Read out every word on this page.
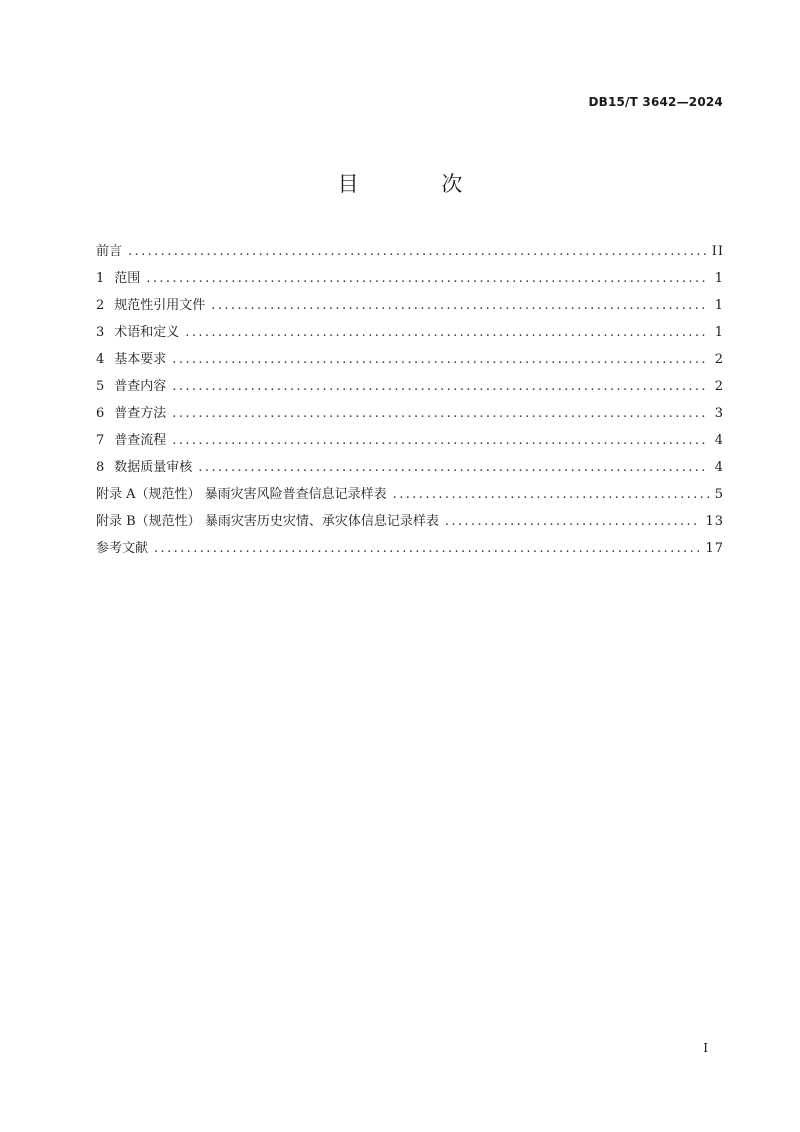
DB15/T 3642—2024
目 次
前言 .....	II
1 范围 .....	1
2 规范性引用文件 .....	1
3 术语和定义 .....	1
4 基本要求 .....	2
5 普查内容 .....	2
6 普查方法 .....	3
7 普查流程 .....	4
8 数据质量审核 .....	4
附录 A（规范性） 暴雨灾害风险普查信息记录样表 .....	5
附录 B（规范性） 暴雨灾害历史灾情、承灾体信息记录样表 .....	13
参考文献 .....	17
I
